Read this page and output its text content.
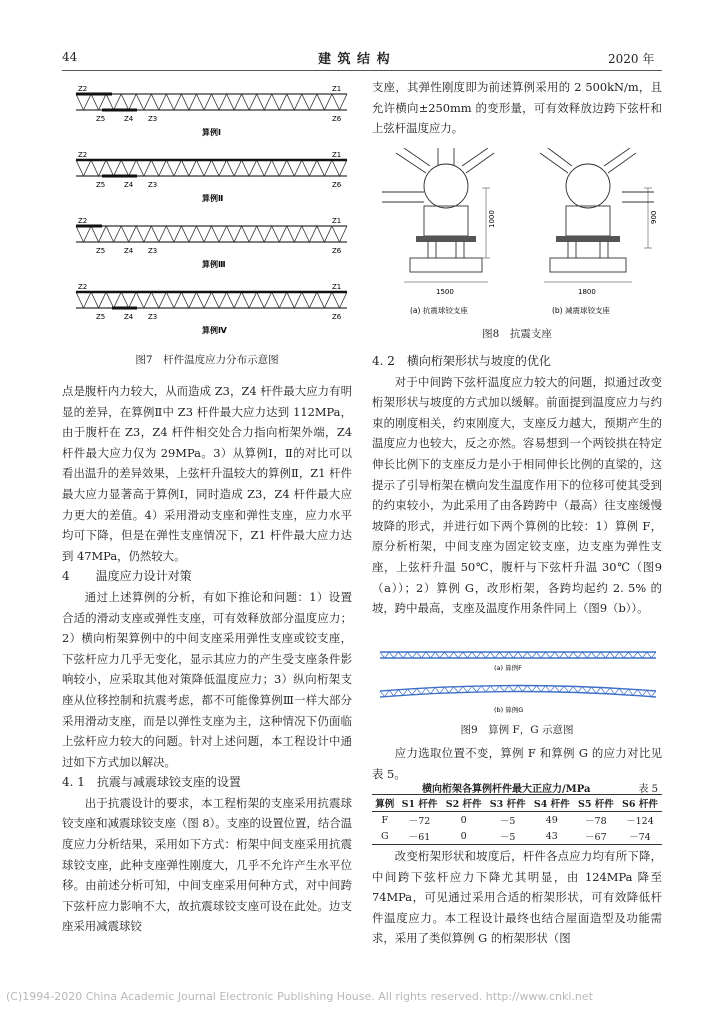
44	建 筑 结 构	2020 年
Z2	Z1
Z5	Z4 Z3	Z6
算例Ⅰ
Z2	Z1
Z5	Z4 Z3	Z6
算例Ⅱ
Z2	Z1
Z5	Z4 Z3	Z6
算例Ⅲ
Z2	Z1
Z5	Z4 Z3	Z6
算例Ⅳ
图7　杆件温度应力分布示意图

点是腹杆内力较大，从而造成 Z3，Z4 杆件最大应力有明显的差异，在算例Ⅱ中 Z3 杆件最大应力达到 112MPa，由于腹杆在 Z3，Z4 杆件相交处合力指向桁架外端，Z4 杆件最大应力仅为 29MPa。3）从算例Ⅰ，Ⅱ的对比可以看出温升的差异效果，上弦杆升温较大的算例Ⅱ，Z1 杆件最大应力显著高于算例Ⅰ，同时造成 Z3，Z4 杆件最大应力更大的差值。4）采用滑动支座和弹性支座，应力水平均可下降，但是在弹性支座情况下，Z1 杆件最大应力达到 47MPa，仍然较大。

4 温度应力设计对策

通过上述算例的分析，有如下推论和问题：1）设置合适的滑动支座或弹性支座，可有效释放部分温度应力；2）横向桁架算例中的中间支座采用弹性支座或铰支座，下弦杆应力几乎无变化，显示其应力的产生受支座条件影响较小，应采取其他对策降低温度应力；3）纵向桁架支座从位移控制和抗震考虑，都不可能像算例Ⅲ一样大部分采用滑动支座，而是以弹性支座为主，这种情况下仍面临上弦杆应力较大的问题。针对上述问题，本工程设计中通过如下方式加以解决。

4. 1　抗震与减震球铰支座的设置

出于抗震设计的要求，本工程桁架的支座采用抗震球铰支座和减震球铰支座（图 8）。支座的设置位置，结合温度应力分析结果，采用如下方式：桁架中间支座采用抗震球铰支座，此种支座弹性刚度大，几乎不允许产生水平位移。由前述分析可知，中间支座采用何种方式，对中间跨下弦杆应力影响不大，故抗震球铰支座可设在此处。边支座采用减震球铰

支座，其弹性刚度即为前述算例采用的 2 500kN/m，且允许横向±250mm 的变形量，可有效释放边跨下弦杆和上弦杆温度应力。

1000
1500
(a) 抗震球铰支座
900
1800
(b) 减震球铰支座
图8　抗震支座
4. 2　横向桁架形状与坡度的优化

对于中间跨下弦杆温度应力较大的问题，拟通过改变桁架形状与坡度的方式加以缓解。前面提到温度应力与约束的刚度相关，约束刚度大，支座反力越大，预期产生的温度应力也较大，反之亦然。容易想到一个两铰拱在特定伸长比例下的支座反力是小于相同伸长比例的直梁的，这提示了引导桁架在横向发生温度作用下的位移可使其受到的约束较小，为此采用了由各跨跨中（最高）往支座缓慢坡降的形式，并进行如下两个算例的比较：1）算例 F，原分析桁架，中间支座为固定铰支座，边支座为弹性支座，上弦杆升温 50℃，腹杆与下弦杆升温 30℃（图9（a））；2）算例 G，改形桁架，各跨均起约 2. 5% 的坡，跨中最高，支座及温度作用条件同上（图9（b））。

(a) 算例F
(b) 算例G
图9　算例 F，G 示意图

应力选取位置不变，算例 F 和算例 G 的应力对比见表 5。

横向桁架各算例杆件最大正应力/MPa	表 5
算例	S1 杆件	S2 杆件	S3 杆件	S4 杆件	S5 杆件	S6 杆件
F	－72	0	－5	49	－78	－124
G	－61	0	－5	43	－67	－74

改变桁架形状和坡度后，杆件各点应力均有所下降，中间跨下弦杆应力下降尤其明显，由 124MPa 降至 74MPa，可见通过采用合适的桁架形状，可有效降低杆件温度应力。本工程设计最终也结合屋面造型及功能需求，采用了类似算例 G 的桁架形状（图

(C)1994-2020 China Academic Journal Electronic Publishing House. All rights reserved. http://www.cnki.net
